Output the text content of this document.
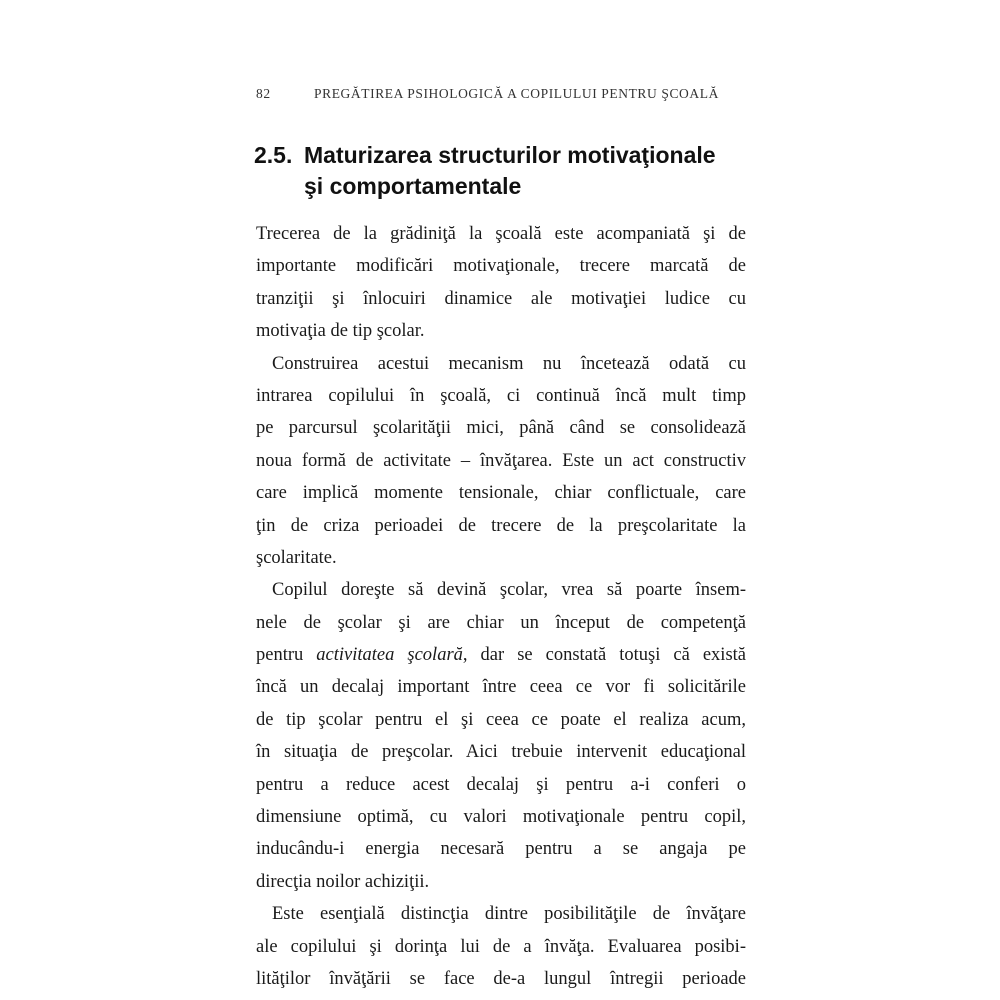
82	PREGĂTIREA PSIHOLOGICĂ A COPILULUI PENTRU ŞCOALĂ
2.5. Maturizarea structurilor motivaţionale
şi comportamentale
Trecerea de la grădiniţă la şcoală este acompaniată şi de
importante modificări motivaţionale, trecere marcată de
tranziţii şi înlocuiri dinamice ale motivaţiei ludice cu
motivaţia de tip şcolar.
Construirea acestui mecanism nu încetează odată cu
intrarea copilului în şcoală, ci continuă încă mult timp
pe parcursul şcolarităţii mici, până când se consolidează
noua formă de activitate – învăţarea. Este un act constructiv
care implică momente tensionale, chiar conflictuale, care
ţin de criza perioadei de trecere de la preşcolaritate la
şcolaritate.
Copilul doreşte să devină şcolar, vrea să poarte însem-
nele de şcolar şi are chiar un început de competenţă
pentru activitatea şcolară, dar se constată totuşi că există
încă un decalaj important între ceea ce vor fi solicitările
de tip şcolar pentru el şi ceea ce poate el realiza acum,
în situaţia de preşcolar. Aici trebuie intervenit educaţional
pentru a reduce acest decalaj şi pentru a-i conferi o
dimensiune optimă, cu valori motivaţionale pentru copil,
inducându-i energia necesară pentru a se angaja pe
direcţia noilor achiziţii.
Este esenţială distincţia dintre posibilităţile de învăţare
ale copilului şi dorinţa lui de a învăţa. Evaluarea posibi-
lităţilor învăţării se face de-a lungul întregii perioade
